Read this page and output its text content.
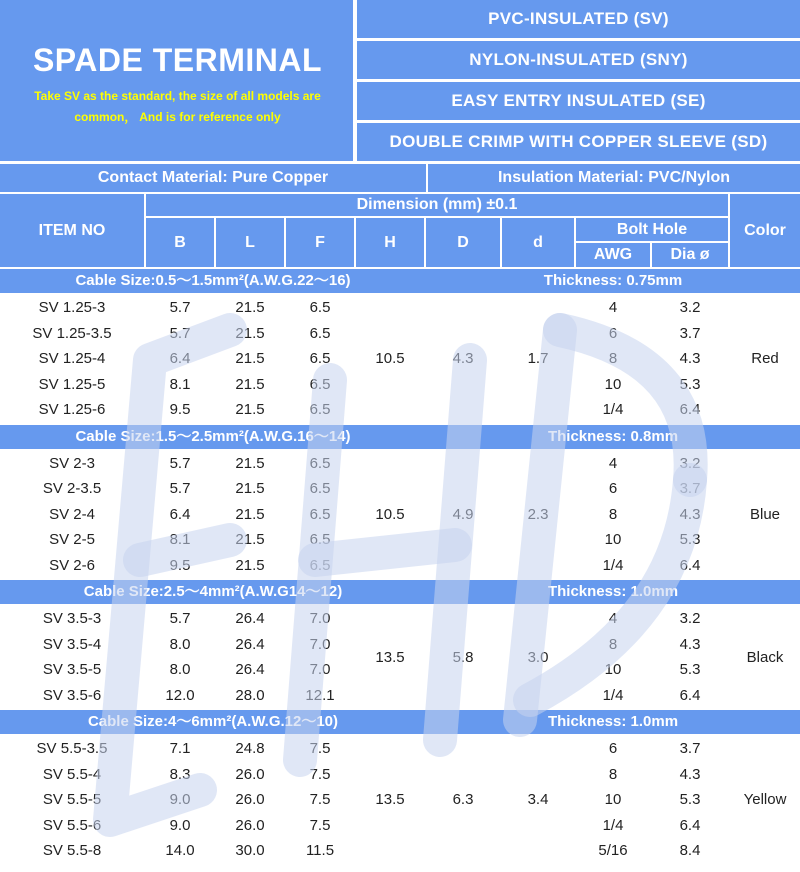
SPADE TERMINAL
Take SV as the standard, the size of all models are
common， And is for reference only
PVC-INSULATED (SV)
NYLON-INSULATED (SNY)
EASY ENTRY INSULATED (SE)
DOUBLE CRIMP WITH COPPER SLEEVE (SD)
Contact Material: Pure Copper	Insulation Material: PVC/Nylon
ITEM NO
Dimension (mm) ±0.1
B	L	F	H	D	d
Bolt Hole
AWG	Dia ø
Color
Cable Size:0.5～1.5mm²(A.W.G.22～16)	Thickness: 0.75mm
SV 1.25-3	5.7	21.5	6.5	4	3.2
SV 1.25-3.5	5.7	21.5	6.5	6	3.7
SV 1.25-4	6.4	21.5	6.5	8	4.3
SV 1.25-5	8.1	21.5	6.5	10	5.3
SV 1.25-6	9.5	21.5	6.5	1/4	6.4
10.5	4.3	1.7	Red
Cable Size:1.5～2.5mm²(A.W.G.16～14)	Thickness: 0.8mm
SV 2-3	5.7	21.5	6.5	4	3.2
SV 2-3.5	5.7	21.5	6.5	6	3.7
SV 2-4	6.4	21.5	6.5	8	4.3
SV 2-5	8.1	21.5	6.5	10	5.3
SV 2-6	9.5	21.5	6.5	1/4	6.4
10.5	4.9	2.3	Blue
Cable Size:2.5～4mm²(A.W.G14～12)	Thickness: 1.0mm
SV 3.5-3	5.7	26.4	7.0	4	3.2
SV 3.5-4	8.0	26.4	7.0	8	4.3
SV 3.5-5	8.0	26.4	7.0	10	5.3
SV 3.5-6	12.0	28.0	12.1	1/4	6.4
13.5	5.8	3.0	Black
Cable Size:4～6mm²(A.W.G.12～10)	Thickness: 1.0mm
SV 5.5-3.5	7.1	24.8	7.5	6	3.7
SV 5.5-4	8.3	26.0	7.5	8	4.3
SV 5.5-5	9.0	26.0	7.5	10	5.3
SV 5.5-6	9.0	26.0	7.5	1/4	6.4
SV 5.5-8	14.0	30.0	11.5	5/16	8.4
13.5	6.3	3.4	Yellow
